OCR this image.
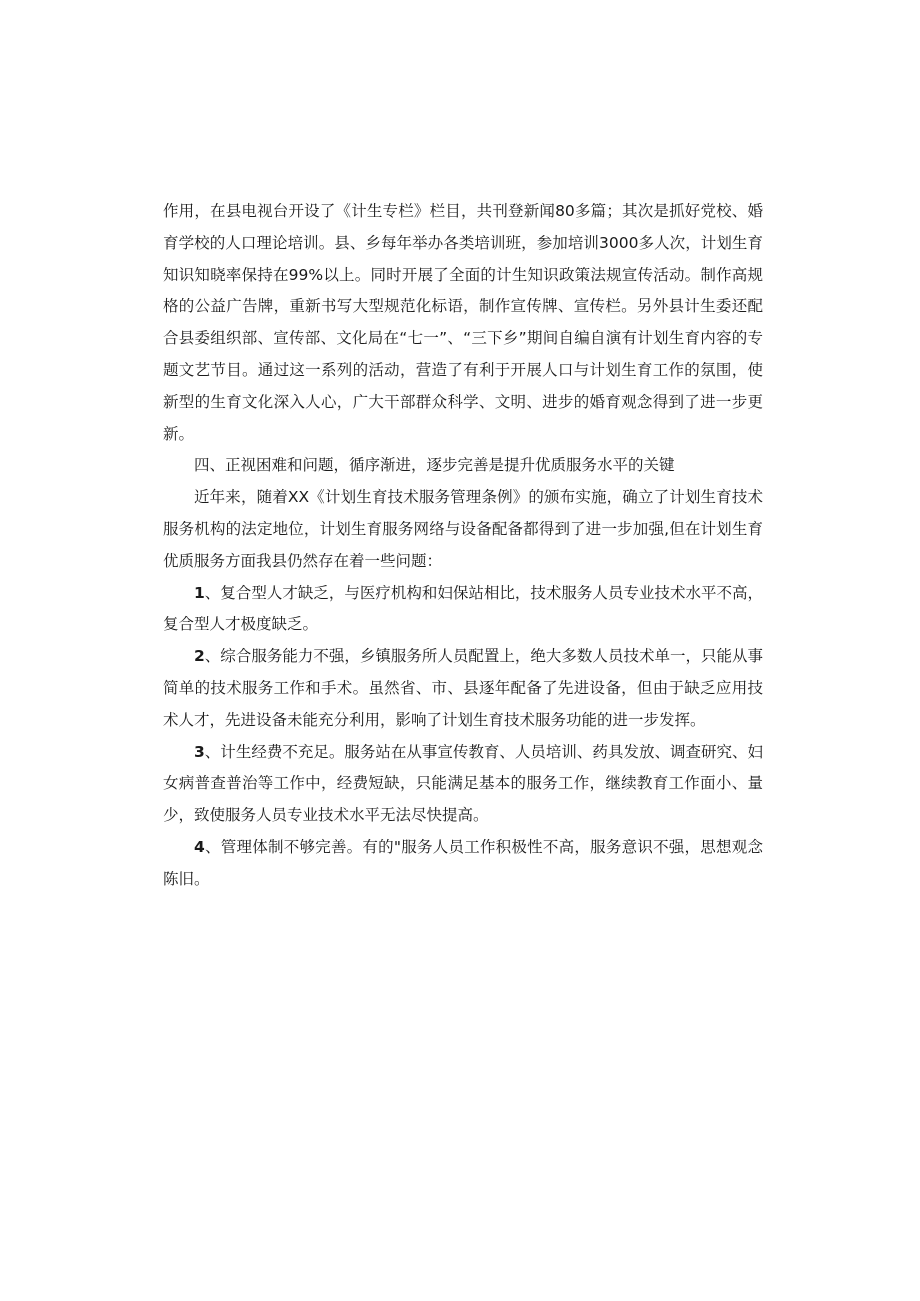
作用，在县电视台开设了《计生专栏》栏目，共刊登新闻80多篇；其次是抓好党校、婚育学校的人口理论培训。县、乡每年举办各类培训班，参加培训3000多人次，计划生育知识知晓率保持在99%以上。同时开展了全面的计生知识政策法规宣传活动。制作高规格的公益广告牌，重新书写大型规范化标语，制作宣传牌、宣传栏。另外县计生委还配合县委组织部、宣传部、文化局在“七一”、“三下乡”期间自编自演有计划生育内容的专题文艺节目。通过这一系列的活动，营造了有利于开展人口与计划生育工作的氛围，使新型的生育文化深入人心，广大干部群众科学、文明、进步的婚育观念得到了进一步更新。

四、正视困难和问题，循序渐进，逐步完善是提升优质服务水平的关键

近年来，随着XX《计划生育技术服务管理条例》的颁布实施，确立了计划生育技术服务机构的法定地位，计划生育服务网络与设备配备都得到了进一步加强,但在计划生育优质服务方面我县仍然存在着一些问题：

1、复合型人才缺乏，与医疗机构和妇保站相比，技术服务人员专业技术水平不高，复合型人才极度缺乏。

2、综合服务能力不强，乡镇服务所人员配置上，绝大多数人员技术单一，只能从事简单的技术服务工作和手术。虽然省、市、县逐年配备了先进设备，但由于缺乏应用技术人才，先进设备未能充分利用，影响了计划生育技术服务功能的进一步发挥。

3、计生经费不充足。服务站在从事宣传教育、人员培训、药具发放、调查研究、妇女病普查普治等工作中，经费短缺，只能满足基本的服务工作，继续教育工作面小、量少，致使服务人员专业技术水平无法尽快提高。

4、管理体制不够完善。有的"服务人员工作积极性不高，服务意识不强，思想观念陈旧。
